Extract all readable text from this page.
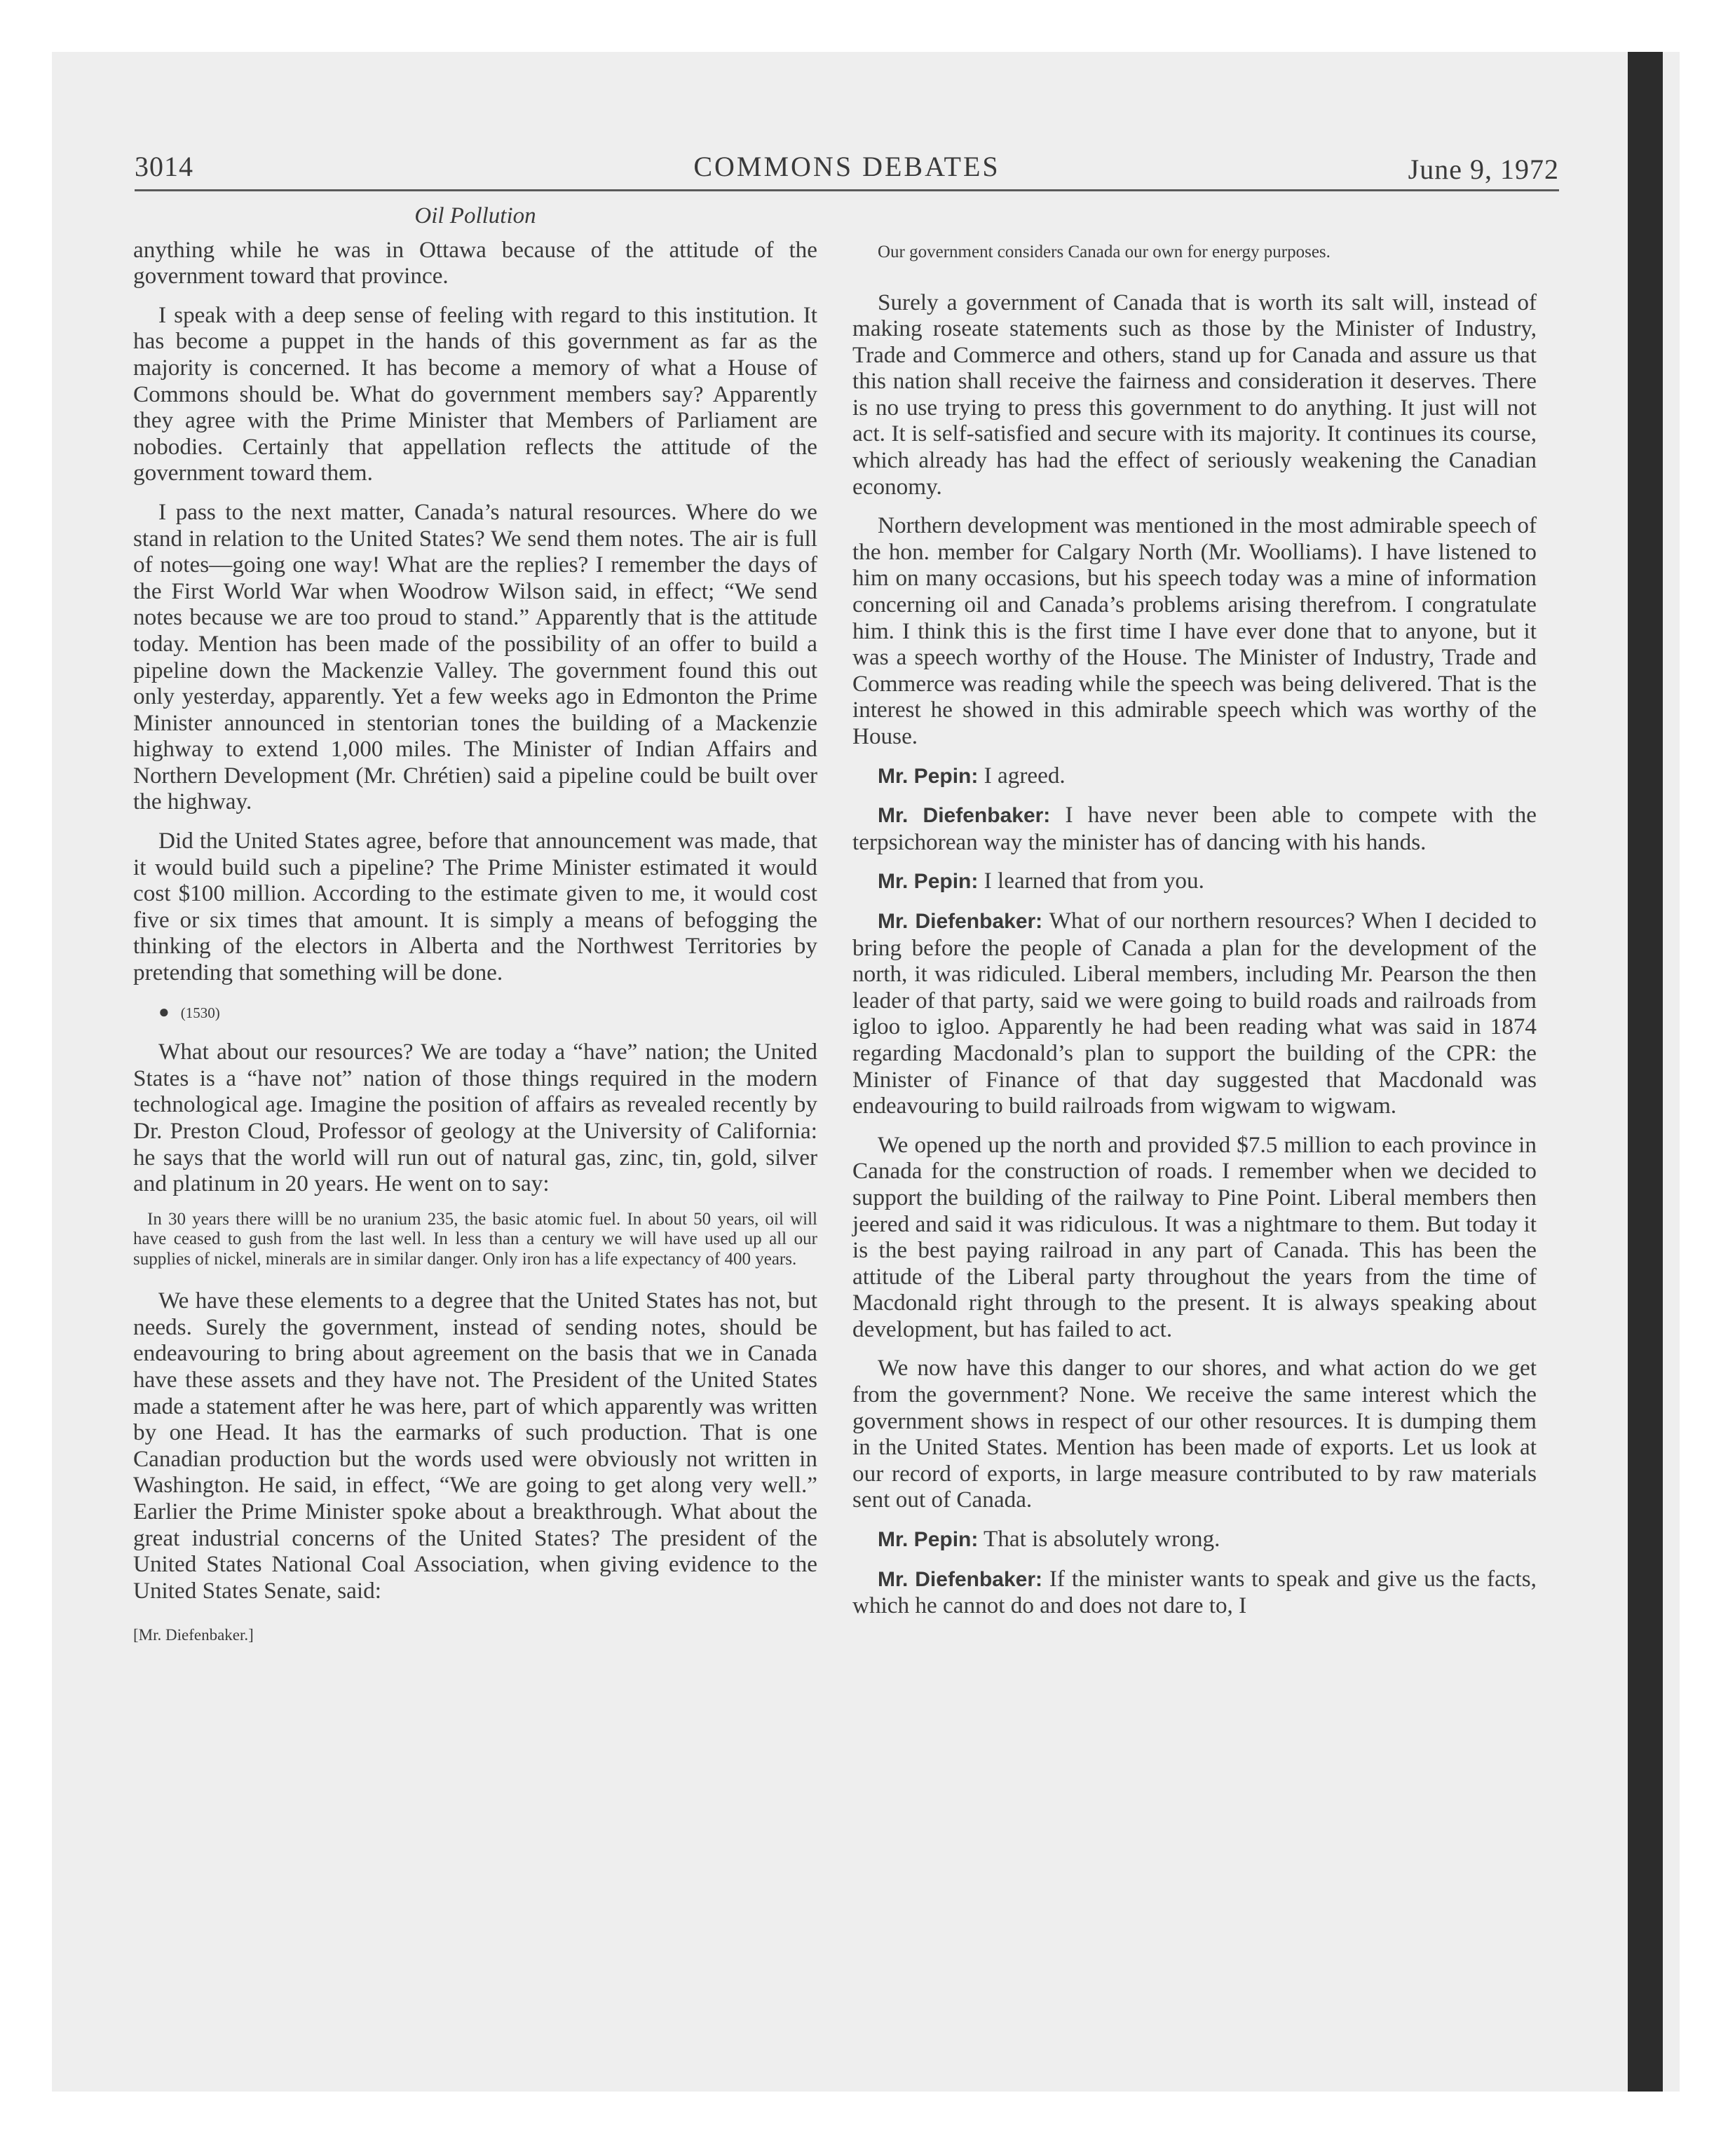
3014	COMMONS DEBATES	June 9, 1972
Oil Pollution

anything while he was in Ottawa because of the attitude of the government toward that province.

I speak with a deep sense of feeling with regard to this institution. It has become a puppet in the hands of this government as far as the majority is concerned. It has become a memory of what a House of Commons should be. What do government members say? Apparently they agree with the Prime Minister that Members of Parliament are nobodies. Certainly that appellation reflects the attitude of the government toward them.

I pass to the next matter, Canada’s natural resources. Where do we stand in relation to the United States? We send them notes. The air is full of notes—going one way! What are the replies? I remember the days of the First World War when Woodrow Wilson said, in effect; “We send notes because we are too proud to stand.” Apparently that is the attitude today. Mention has been made of the possibility of an offer to build a pipeline down the Mackenzie Valley. The government found this out only yesterday, apparently. Yet a few weeks ago in Edmonton the Prime Minister announced in stentorian tones the building of a Mackenzie highway to extend 1,000 miles. The Minister of Indian Affairs and Northern Development (Mr. Chrétien) said a pipeline could be built over the highway.

Did the United States agree, before that announcement was made, that it would build such a pipeline? The Prime Minister estimated it would cost $100 million. According to the estimate given to me, it would cost five or six times that amount. It is simply a means of befogging the thinking of the electors in Alberta and the Northwest Territories by pretending that something will be done.

● (1530)

What about our resources? We are today a “have” nation; the United States is a “have not” nation of those things required in the modern technological age. Imagine the position of affairs as revealed recently by Dr. Preston Cloud, Professor of geology at the University of California: he says that the world will run out of natural gas, zinc, tin, gold, silver and platinum in 20 years. He went on to say:

In 30 years there willl be no uranium 235, the basic atomic fuel. In about 50 years, oil will have ceased to gush from the last well. In less than a century we will have used up all our supplies of nickel, minerals are in similar danger. Only iron has a life expectancy of 400 years.

We have these elements to a degree that the United States has not, but needs. Surely the government, instead of sending notes, should be endeavouring to bring about agreement on the basis that we in Canada have these assets and they have not. The President of the United States made a statement after he was here, part of which apparently was written by one Head. It has the earmarks of such production. That is one Canadian production but the words used were obviously not written in Washington. He said, in effect, “We are going to get along very well.” Earlier the Prime Minister spoke about a breakthrough. What about the great industrial concerns of the United States? The president of the United States National Coal Association, when giving evidence to the United States Senate, said:

[Mr. Diefenbaker.]
Our government considers Canada our own for energy purposes.

Surely a government of Canada that is worth its salt will, instead of making roseate statements such as those by the Minister of Industry, Trade and Commerce and others, stand up for Canada and assure us that this nation shall receive the fairness and consideration it deserves. There is no use trying to press this government to do anything. It just will not act. It is self-satisfied and secure with its majority. It continues its course, which already has had the effect of seriously weakening the Canadian economy.

Northern development was mentioned in the most admirable speech of the hon. member for Calgary North (Mr. Woolliams). I have listened to him on many occasions, but his speech today was a mine of information concerning oil and Canada’s problems arising therefrom. I congratulate him. I think this is the first time I have ever done that to anyone, but it was a speech worthy of the House. The Minister of Industry, Trade and Commerce was reading while the speech was being delivered. That is the interest he showed in this admirable speech which was worthy of the House.

Mr. Pepin: I agreed.

Mr. Diefenbaker: I have never been able to compete with the terpsichorean way the minister has of dancing with his hands.

Mr. Pepin: I learned that from you.

Mr. Diefenbaker: What of our northern resources? When I decided to bring before the people of Canada a plan for the development of the north, it was ridiculed. Liberal members, including Mr. Pearson the then leader of that party, said we were going to build roads and railroads from igloo to igloo. Apparently he had been reading what was said in 1874 regarding Macdonald’s plan to support the building of the CPR: the Minister of Finance of that day suggested that Macdonald was endeavouring to build railroads from wigwam to wigwam.

We opened up the north and provided $7.5 million to each province in Canada for the construction of roads. I remember when we decided to support the building of the railway to Pine Point. Liberal members then jeered and said it was ridiculous. It was a nightmare to them. But today it is the best paying railroad in any part of Canada. This has been the attitude of the Liberal party throughout the years from the time of Macdonald right through to the present. It is always speaking about development, but has failed to act.

We now have this danger to our shores, and what action do we get from the government? None. We receive the same interest which the government shows in respect of our other resources. It is dumping them in the United States. Mention has been made of exports. Let us look at our record of exports, in large measure contributed to by raw materials sent out of Canada.

Mr. Pepin: That is absolutely wrong.

Mr. Diefenbaker: If the minister wants to speak and give us the facts, which he cannot do and does not dare to, I
